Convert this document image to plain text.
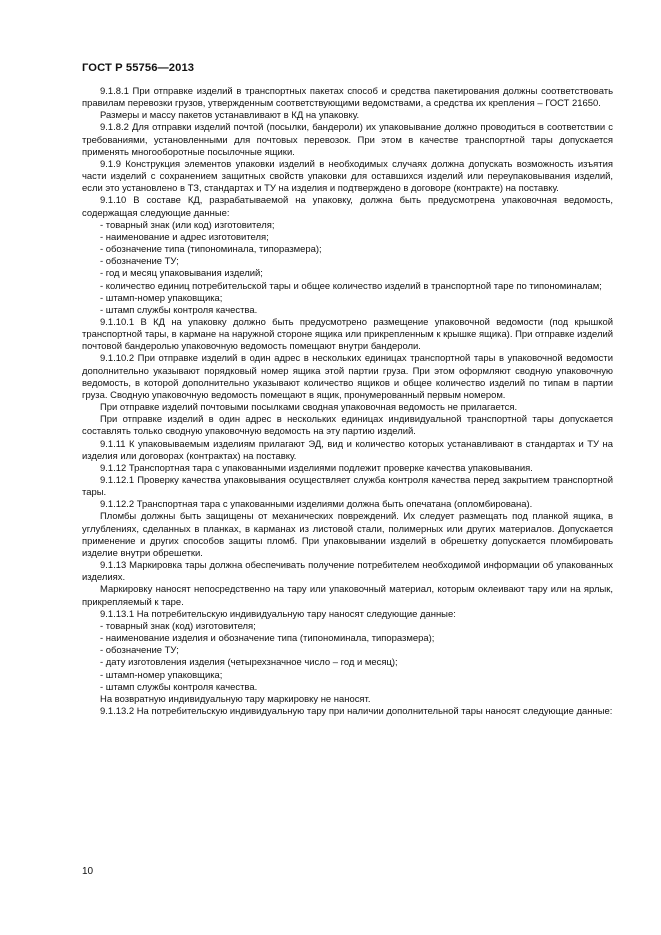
ГОСТ Р 55756—2013

9.1.8.1 При отправке изделий в транспортных пакетах способ и средства пакетирования должны соответствовать правилам перевозки грузов, утвержденным соответствующими ведомствами, а средства их крепления – ГОСТ 21650.

Размеры и массу пакетов устанавливают в КД на упаковку.

9.1.8.2 Для отправки изделий почтой (посылки, бандероли) их упаковывание должно проводиться в соответствии с требованиями, установленными для почтовых перевозок. При этом в качестве транспортной тары допускается применять многооборотные посылочные ящики.

9.1.9 Конструкция элементов упаковки изделий в необходимых случаях должна допускать возможность изъятия части изделий с сохранением защитных свойств упаковки для оставшихся изделий или переупаковывания изделий, если это установлено в ТЗ, стандартах и ТУ на изделия и подтверждено в договоре (контракте) на поставку.

9.1.10 В составе КД, разрабатываемой на упаковку, должна быть предусмотрена упаковочная ведомость, содержащая следующие данные:

- товарный знак (или код) изготовителя;

- наименование и адрес изготовителя;

- обозначение типа (типономинала, типоразмера);

- обозначение ТУ;

- год и месяц упаковывания изделий;

- количество единиц потребительской тары и общее количество изделий в транспортной таре по типономиналам;

- штамп-номер упаковщика;

- штамп службы контроля качества.

9.1.10.1 В КД на упаковку должно быть предусмотрено размещение упаковочной ведомости (под крышкой транспортной тары, в кармане на наружной стороне ящика или прикрепленным к крышке ящика). При отправке изделий почтовой бандеролью упаковочную ведомость помещают внутри бандероли.

9.1.10.2 При отправке изделий в один адрес в нескольких единицах транспортной тары в упаковочной ведомости дополнительно указывают порядковый номер ящика этой партии груза. При этом оформляют сводную упаковочную ведомость, в которой дополнительно указывают количество ящиков и общее количество изделий по типам в партии груза. Сводную упаковочную ведомость помещают в ящик, пронумерованный первым номером.

При отправке изделий почтовыми посылками сводная упаковочная ведомость не прилагается.

При отправке изделий в один адрес в нескольких единицах индивидуальной транспортной тары допускается составлять только сводную упаковочную ведомость на эту партию изделий.

9.1.11 К упаковываемым изделиям прилагают ЭД, вид и количество которых устанавливают в стандартах и ТУ на изделия или договорах (контрактах) на поставку.

9.1.12 Транспортная тара с упакованными изделиями подлежит проверке качества упаковывания.

9.1.12.1 Проверку качества упаковывания осуществляет служба контроля качества перед закрытием транспортной тары.

9.1.12.2 Транспортная тара с упакованными изделиями должна быть опечатана (опломбирована).

Пломбы должны быть защищены от механических повреждений. Их следует размещать под планкой ящика, в углублениях, сделанных в планках, в карманах из листовой стали, полимерных или других материалов. Допускается применение и других способов защиты пломб. При упаковывании изделий в обрешетку допускается пломбировать изделие внутри обрешетки.

9.1.13 Маркировка тары должна обеспечивать получение потребителем необходимой информации об упакованных изделиях.

Маркировку наносят непосредственно на тару или упаковочный материал, которым оклеивают тару или на ярлык, прикрепляемый к таре.

9.1.13.1 На потребительскую индивидуальную тару наносят следующие данные:

- товарный знак (код) изготовителя;

- наименование изделия и обозначение типа (типономинала, типоразмера);

- обозначение ТУ;

- дату изготовления изделия (четырехзначное число – год и месяц);

- штамп-номер упаковщика;

- штамп службы контроля качества.

На возвратную индивидуальную тару маркировку не наносят.

9.1.13.2 На потребительскую индивидуальную тару при наличии дополнительной тары наносят следующие данные:

10
